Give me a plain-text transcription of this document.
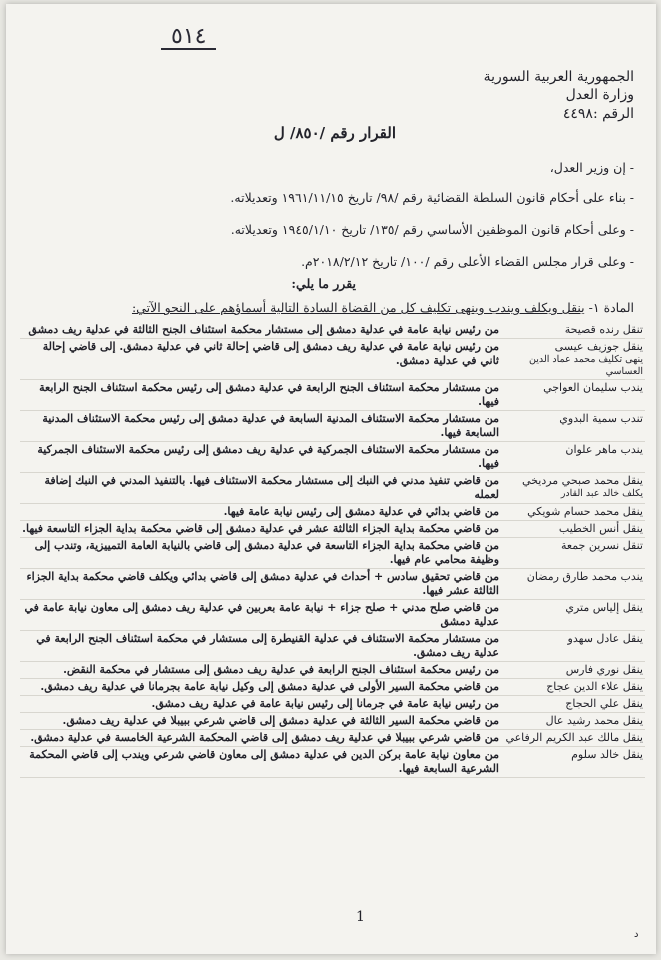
٥١٤
الجمهورية العربية السورية
وزارة العدل
الرقم :٤٤٩٨
القرار رقم /٨٥٠/ ل
- إن وزير العدل،
- بناء على أحكام قانون السلطة القضائية رقم /٩٨/ تاريخ ١٩٦١/١١/١٥ وتعديلاته.
- وعلى أحكام قانون الموظفين الأساسي رقم /١٣٥/ تاريخ ١٩٤٥/١/١٠ وتعديلاته.
- وعلى قرار مجلس القضاء الأعلى رقم /١٠٠/ تاريخ ٢٠١٨/٢/١٢م.
يقرر ما يلي:
المادة ١- ينقل ويكلف ويندب وينهى تكليف كل من القضاة السادة التالية أسماؤهم على النحو الآتي:
تنقل رنده قصيحة	من رئيس نيابة عامة في عدلية دمشق إلى مستشار محكمة استئناف الجنح الثالثة في عدلية ريف دمشق

ينقل جوزيف عيسى
ينهى تكليف محمد عماد الدين العساسي	من رئيس نيابة عامة في عدلية ريف دمشق إلى قاضي إحالة ثاني في عدلية دمشق. إلى قاضي إحالة ثاني في عدلية دمشق.

يندب سليمان العواجي	من مستشار محكمة استئناف الجنح الرابعة في عدلية دمشق إلى رئيس محكمة استئناف الجنح الرابعة فيها.

تندب سمية البدوي	من مستشار محكمة الاستئناف المدنية السابعة في عدلية دمشق إلى رئيس محكمة الاستئناف المدنية السابعة فيها.

يندب ماهر علوان	من مستشار محكمة الاستئناف الجمركية في عدلية ريف دمشق إلى رئيس محكمة الاستئناف الجمركية فيها.

ينقل محمد صبحي مرديخي
يكلف خالد عبد القادر	من قاضي تنفيذ مدني في النبك إلى مستشار محكمة الاستئناف فيها. بالتنفيذ المدني في النبك إضافة لعمله

ينقل محمد حسام شويكي	من قاضي بدائي في عدلية دمشق إلى رئيس نيابة عامة فيها.

ينقل أنس الخطيب	من قاضي محكمة بداية الجزاء الثالثة عشر في عدلية دمشق إلى قاضي محكمة بداية الجزاء التاسعة فيها.

تنقل نسرين جمعة	من قاضي محكمة بداية الجزاء التاسعة في عدلية دمشق إلى قاضي بالنيابة العامة التمييزية، وتندب إلى وظيفة محامي عام فيها.

يندب محمد طارق رمضان	من قاضي تحقيق سادس + أحداث في عدلية دمشق إلى قاضي بدائي ويكلف قاضي محكمة بداية الجزاء الثالثة عشر فيها.

ينقل إلياس متري	من قاضي صلح مدني + صلح جزاء + نيابة عامة بعربين في عدلية ريف دمشق إلى معاون نيابة عامة في عدلية دمشق

ينقل عادل سهدو	من مستشار محكمة الاستئناف في عدلية القنيطرة إلى مستشار في محكمة استئناف الجنح الرابعة في عدلية ريف دمشق.

ينقل نوري فارس	من رئيس محكمة استئناف الجنح الرابعة في عدلية ريف دمشق إلى مستشار في محكمة النقض.

ينقل علاء الدين عجاج	من قاضي محكمة السير الأولى في عدلية دمشق إلى وكيل نيابة عامة بجرمانا في عدلية ريف دمشق.

ينقل علي الحجاج	من رئيس نيابة عامة في جرمانا إلى رئيس نيابة عامة في عدلية ريف دمشق.

ينقل محمد رشيد عال	من قاضي محكمة السير الثالثة في عدلية دمشق إلى قاضي شرعي ببيبلا في عدلية ريف دمشق.

ينقل مالك عبد الكريم الرفاعي	من قاضي شرعي ببيبلا في عدلية ريف دمشق إلى قاضي المحكمة الشرعية الخامسة في عدلية دمشق.

ينقل خالد سلوم	من معاون نيابة عامة بركن الدين في عدلية دمشق إلى معاون قاضي شرعي ويندب إلى قاضي المحكمة الشرعية السابعة فيها.
1
د
